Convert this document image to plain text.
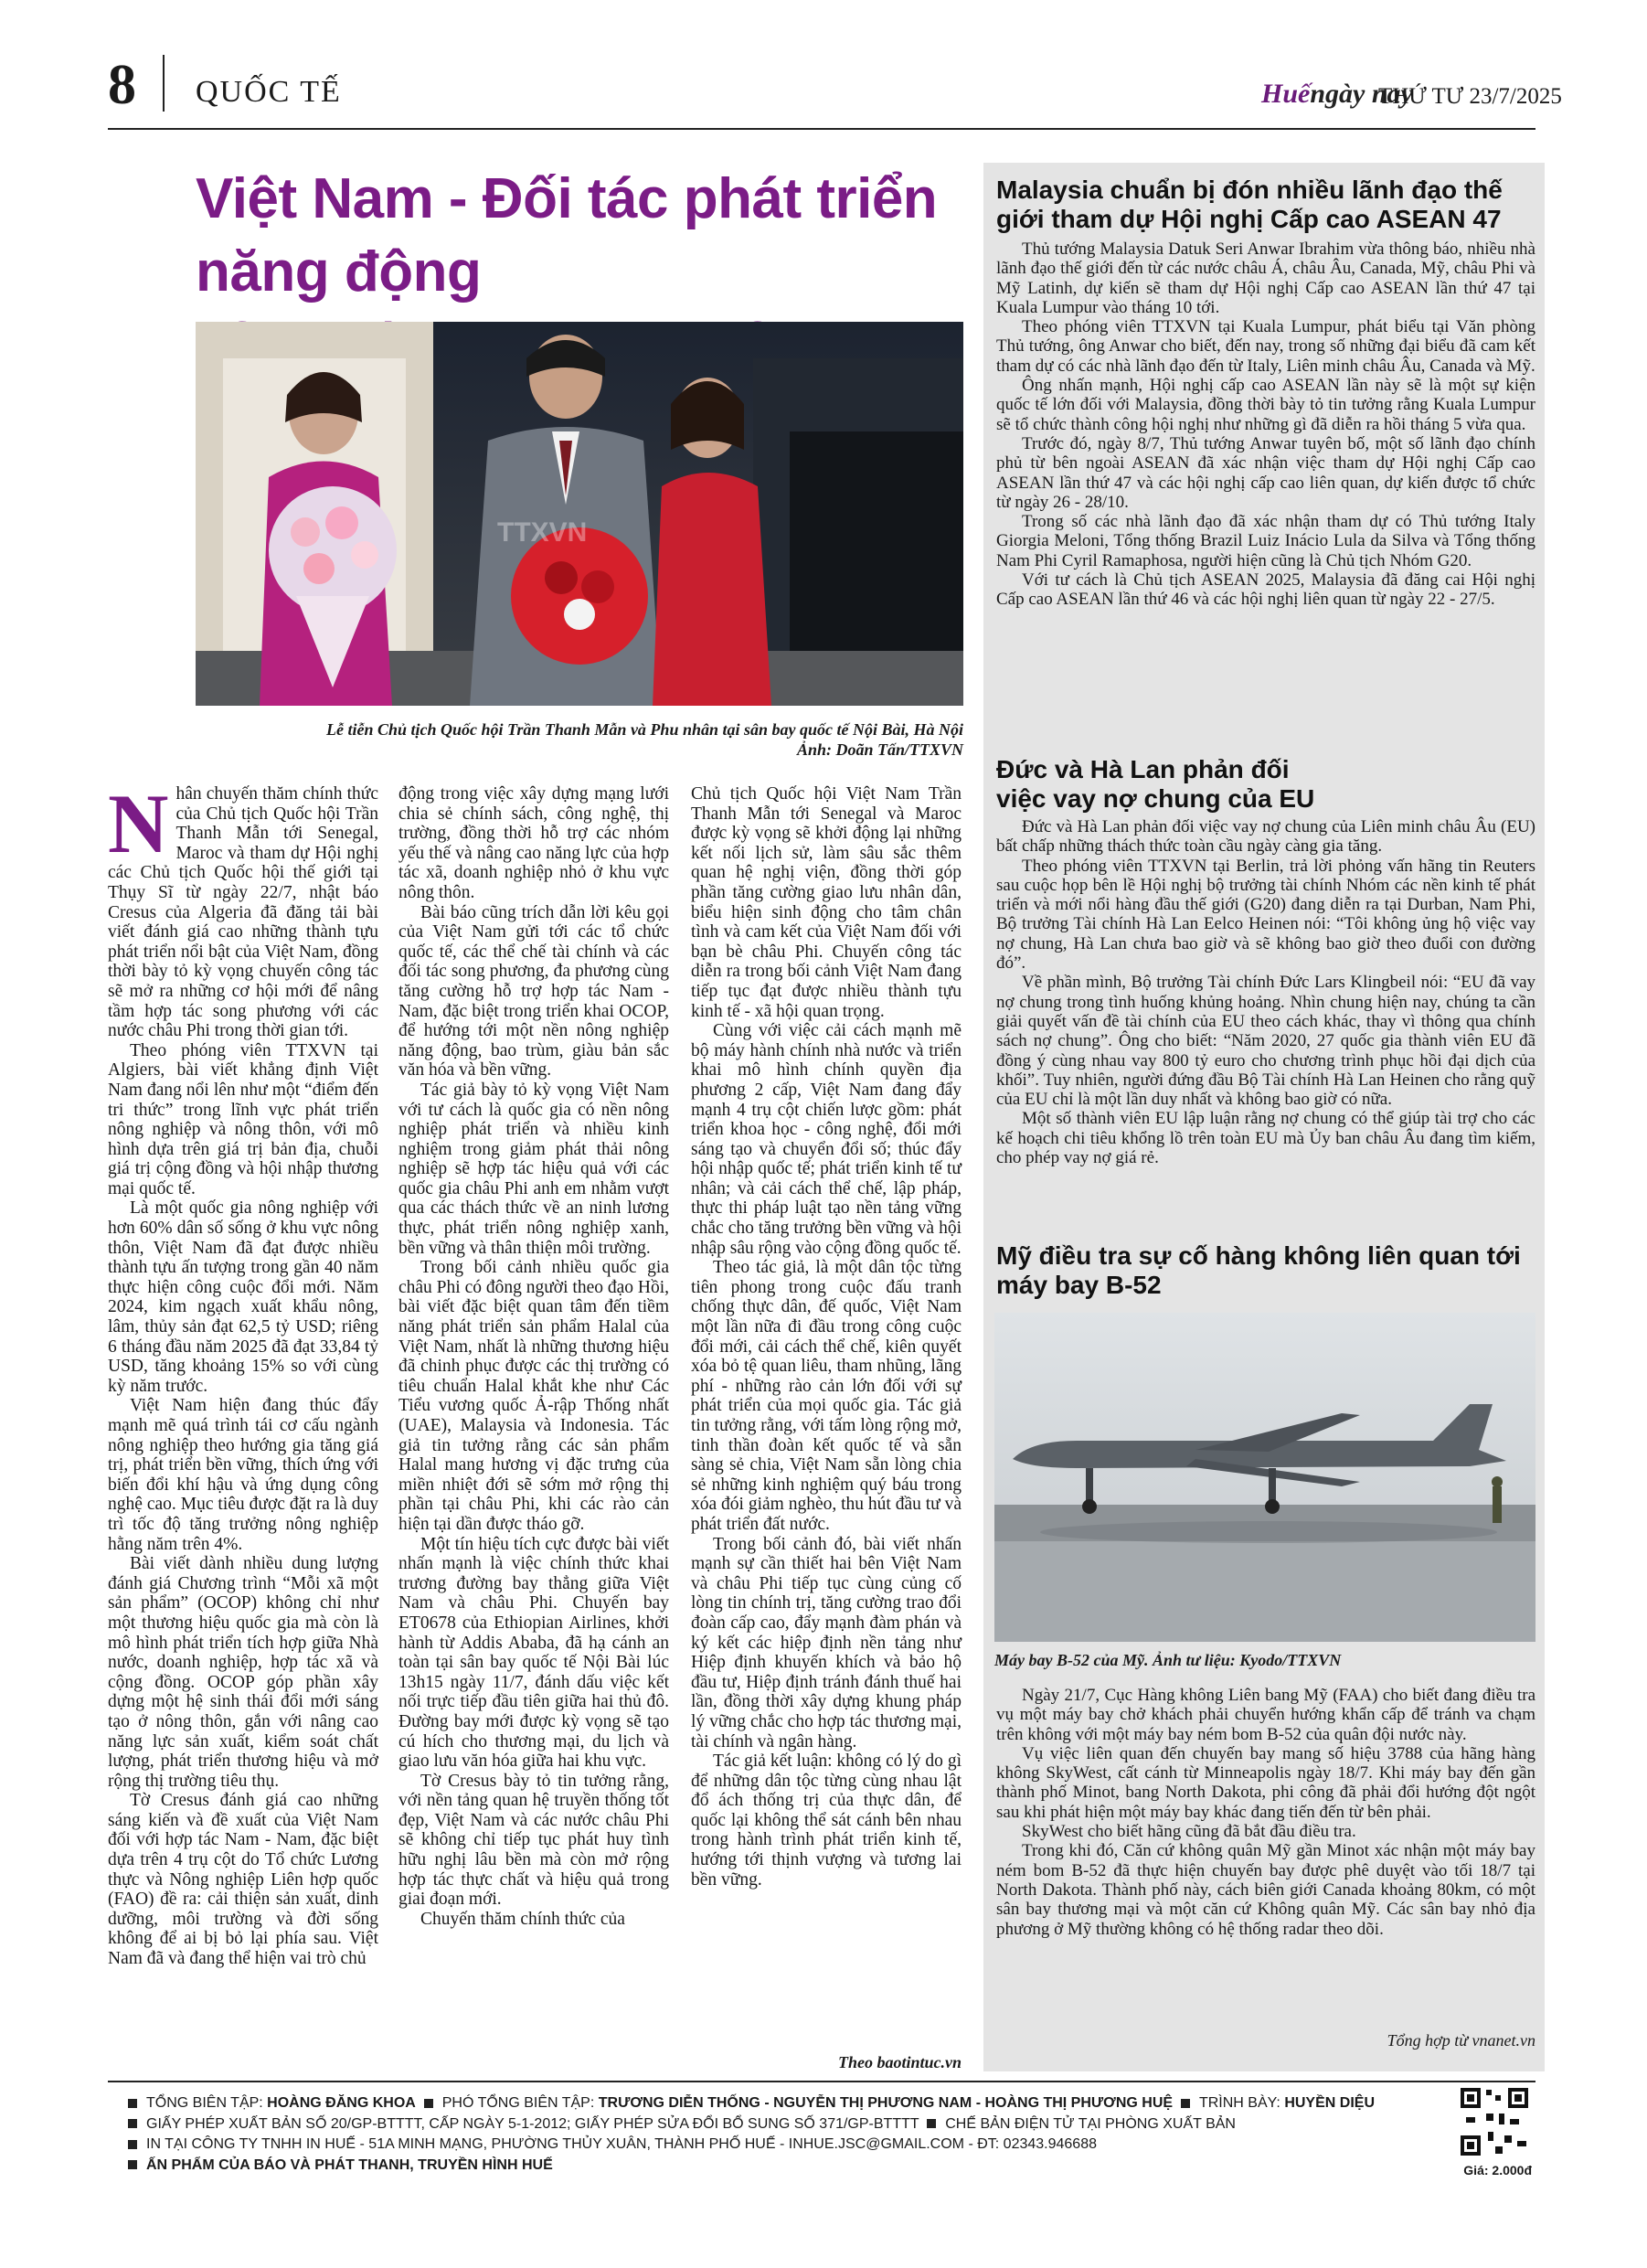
8 QUỐC TẾ	Huếngày nay
THỨ TƯ 23/7/2025
Việt Nam - Đối tác phát triển năng động
TTXVN
Lễ tiễn Chủ tịch Quốc hội Trần Thanh Mẫn và Phu nhân tại sân bay quốc tế Nội Bài, Hà Nội
Ảnh: Doãn Tấn/TTXVN

Nhân chuyến thăm chính thức của Chủ tịch Quốc hội Trần Thanh Mẫn tới Senegal, Maroc và tham dự Hội nghị các Chủ tịch Quốc hội thế giới tại Thụy Sĩ từ ngày 22/7, nhật báo Cresus của Algeria đã đăng tải bài viết đánh giá cao những thành tựu phát triển nổi bật của Việt Nam, đồng thời bày tỏ kỳ vọng chuyến công tác sẽ mở ra những cơ hội mới để nâng tầm hợp tác song phương với các nước châu Phi trong thời gian tới.

Theo phóng viên TTXVN tại Algiers, bài viết khẳng định Việt Nam đang nổi lên như một “điểm đến tri thức” trong lĩnh vực phát triển nông nghiệp và nông thôn, với mô hình dựa trên giá trị bản địa, chuỗi giá trị cộng đồng và hội nhập thương mại quốc tế.

Là một quốc gia nông nghiệp với hơn 60% dân số sống ở khu vực nông thôn, Việt Nam đã đạt được nhiều thành tựu ấn tượng trong gần 40 năm thực hiện công cuộc đổi mới. Năm 2024, kim ngạch xuất khẩu nông, lâm, thủy sản đạt 62,5 tỷ USD; riêng 6 tháng đầu năm 2025 đã đạt 33,84 tỷ USD, tăng khoảng 15% so với cùng kỳ năm trước.

Việt Nam hiện đang thúc đẩy mạnh mẽ quá trình tái cơ cấu ngành nông nghiệp theo hướng gia tăng giá trị, phát triển bền vững, thích ứng với biến đổi khí hậu và ứng dụng công nghệ cao. Mục tiêu được đặt ra là duy trì tốc độ tăng trưởng nông nghiệp hằng năm trên 4%.

Bài viết dành nhiều dung lượng đánh giá Chương trình “Mỗi xã một sản phẩm” (OCOP) không chỉ như một thương hiệu quốc gia mà còn là mô hình phát triển tích hợp giữa Nhà nước, doanh nghiệp, hợp tác xã và cộng đồng. OCOP góp phần xây dựng một hệ sinh thái đổi mới sáng tạo ở nông thôn, gắn với nâng cao năng lực sản xuất, kiểm soát chất lượng, phát triển thương hiệu và mở rộng thị trường tiêu thụ.

Tờ Cresus đánh giá cao những sáng kiến và đề xuất của Việt Nam đối với hợp tác Nam - Nam, đặc biệt dựa trên 4 trụ cột do Tổ chức Lương thực và Nông nghiệp Liên hợp quốc (FAO) đề ra: cải thiện sản xuất, dinh dưỡng, môi trường và đời sống không để ai bị bỏ lại phía sau. Việt Nam đã và đang thể hiện vai trò chủ

động trong việc xây dựng mạng lưới chia sẻ chính sách, công nghệ, thị trường, đồng thời hỗ trợ các nhóm yếu thế và nâng cao năng lực của hợp tác xã, doanh nghiệp nhỏ ở khu vực nông thôn.

Bài báo cũng trích dẫn lời kêu gọi của Việt Nam gửi tới các tổ chức quốc tế, các thể chế tài chính và các đối tác song phương, đa phương cùng tăng cường hỗ trợ hợp tác Nam - Nam, đặc biệt trong triển khai OCOP, để hướng tới một nền nông nghiệp năng động, bao trùm, giàu bản sắc văn hóa và bền vững.

Tác giả bày tỏ kỳ vọng Việt Nam với tư cách là quốc gia có nền nông nghiệp phát triển và nhiều kinh nghiệm trong giảm phát thải nông nghiệp sẽ hợp tác hiệu quả với các quốc gia châu Phi anh em nhằm vượt qua các thách thức về an ninh lương thực, phát triển nông nghiệp xanh, bền vững và thân thiện môi trường.

Trong bối cảnh nhiều quốc gia châu Phi có đông người theo đạo Hồi, bài viết đặc biệt quan tâm đến tiềm năng phát triển sản phẩm Halal của Việt Nam, nhất là những thương hiệu đã chinh phục được các thị trường có tiêu chuẩn Halal khắt khe như Các Tiểu vương quốc Ả-rập Thống nhất (UAE), Malaysia và Indonesia. Tác giả tin tưởng rằng các sản phẩm Halal mang hương vị đặc trưng của miền nhiệt đới sẽ sớm mở rộng thị phần tại châu Phi, khi các rào cản hiện tại dần được tháo gỡ.

Một tín hiệu tích cực được bài viết nhấn mạnh là việc chính thức khai trương đường bay thẳng giữa Việt Nam và châu Phi. Chuyến bay ET0678 của Ethiopian Airlines, khởi hành từ Addis Ababa, đã hạ cánh an toàn tại sân bay quốc tế Nội Bài lúc 13h15 ngày 11/7, đánh dấu việc kết nối trực tiếp đầu tiên giữa hai thủ đô. Đường bay mới được kỳ vọng sẽ tạo cú hích cho thương mại, du lịch và giao lưu văn hóa giữa hai khu vực.

Tờ Cresus bày tỏ tin tưởng rằng, với nền tảng quan hệ truyền thống tốt đẹp, Việt Nam và các nước châu Phi sẽ không chỉ tiếp tục phát huy tình hữu nghị lâu bền mà còn mở rộng hợp tác thực chất và hiệu quả trong giai đoạn mới.

Chuyến thăm chính thức của

Chủ tịch Quốc hội Việt Nam Trần Thanh Mẫn tới Senegal và Maroc được kỳ vọng sẽ khởi động lại những kết nối lịch sử, làm sâu sắc thêm quan hệ nghị viện, đồng thời góp phần tăng cường giao lưu nhân dân, biểu hiện sinh động cho tâm chân tình và cam kết của Việt Nam đối với bạn bè châu Phi. Chuyến công tác diễn ra trong bối cảnh Việt Nam đang tiếp tục đạt được nhiều thành tựu kinh tế - xã hội quan trọng.

Cùng với việc cải cách mạnh mẽ bộ máy hành chính nhà nước và triển khai mô hình chính quyền địa phương 2 cấp, Việt Nam đang đẩy mạnh 4 trụ cột chiến lược gồm: phát triển khoa học - công nghệ, đổi mới sáng tạo và chuyển đổi số; thúc đẩy hội nhập quốc tế; phát triển kinh tế tư nhân; và cải cách thể chế, lập pháp, thực thi pháp luật tạo nền tảng vững chắc cho tăng trưởng bền vững và hội nhập sâu rộng vào cộng đồng quốc tế.

Theo tác giả, là một dân tộc từng tiên phong trong cuộc đấu tranh chống thực dân, đế quốc, Việt Nam một lần nữa đi đầu trong công cuộc đổi mới, cải cách thể chế, kiên quyết xóa bỏ tệ quan liêu, tham nhũng, lãng phí - những rào cản lớn đối với sự phát triển của mọi quốc gia. Tác giả tin tưởng rằng, với tấm lòng rộng mở, tinh thần đoàn kết quốc tế và sẵn sàng sẻ chia, Việt Nam sẵn lòng chia sẻ những kinh nghiệm quý báu trong xóa đói giảm nghèo, thu hút đầu tư và phát triển đất nước.

Trong bối cảnh đó, bài viết nhấn mạnh sự cần thiết hai bên Việt Nam và châu Phi tiếp tục cùng củng cố lòng tin chính trị, tăng cường trao đổi đoàn cấp cao, đẩy mạnh đàm phán và ký kết các hiệp định nền tảng như Hiệp định khuyến khích và bảo hộ đầu tư, Hiệp định tránh đánh thuế hai lần, đồng thời xây dựng khung pháp lý vững chắc cho hợp tác thương mại, tài chính và ngân hàng.

Tác giả kết luận: không có lý do gì để những dân tộc từng cùng nhau lật đổ ách thống trị của thực dân, để quốc lại không thể sát cánh bên nhau trong hành trình phát triển kinh tế, hướng tới thịnh vượng và tương lai bền vững.

Theo baotintuc.vn
Malaysia chuẩn bị đón nhiều lãnh đạo thế giới tham dự Hội nghị Cấp cao ASEAN 47

Thủ tướng Malaysia Datuk Seri Anwar Ibrahim vừa thông báo, nhiều nhà lãnh đạo thế giới đến từ các nước châu Á, châu Âu, Canada, Mỹ, châu Phi và Mỹ Latinh, dự kiến sẽ tham dự Hội nghị Cấp cao ASEAN lần thứ 47 tại Kuala Lumpur vào tháng 10 tới.

Theo phóng viên TTXVN tại Kuala Lumpur, phát biểu tại Văn phòng Thủ tướng, ông Anwar cho biết, đến nay, trong số những đại biểu đã cam kết tham dự có các nhà lãnh đạo đến từ Italy, Liên minh châu Âu, Canada và Mỹ.

Ông nhấn mạnh, Hội nghị cấp cao ASEAN lần này sẽ là một sự kiện quốc tế lớn đối với Malaysia, đồng thời bày tỏ tin tưởng rằng Kuala Lumpur sẽ tổ chức thành công hội nghị như những gì đã diễn ra hồi tháng 5 vừa qua.

Trước đó, ngày 8/7, Thủ tướng Anwar tuyên bố, một số lãnh đạo chính phủ từ bên ngoài ASEAN đã xác nhận việc tham dự Hội nghị Cấp cao ASEAN lần thứ 47 và các hội nghị cấp cao liên quan, dự kiến được tổ chức từ ngày 26 - 28/10.

Trong số các nhà lãnh đạo đã xác nhận tham dự có Thủ tướng Italy Giorgia Meloni, Tổng thống Brazil Luiz Inácio Lula da Silva và Tổng thống Nam Phi Cyril Ramaphosa, người hiện cũng là Chủ tịch Nhóm G20.

Với tư cách là Chủ tịch ASEAN 2025, Malaysia đã đăng cai Hội nghị Cấp cao ASEAN lần thứ 46 và các hội nghị liên quan từ ngày 22 - 27/5.

Đức và Hà Lan phản đối việc vay nợ chung của EU

Đức và Hà Lan phản đối việc vay nợ chung của Liên minh châu Âu (EU) bất chấp những thách thức toàn cầu ngày càng gia tăng.

Theo phóng viên TTXVN tại Berlin, trả lời phỏng vấn hãng tin Reuters sau cuộc họp bên lề Hội nghị bộ trưởng tài chính Nhóm các nền kinh tế phát triển và mới nổi hàng đầu thế giới (G20) đang diễn ra tại Durban, Nam Phi, Bộ trưởng Tài chính Hà Lan Eelco Heinen nói: “Tôi không ủng hộ việc vay nợ chung, Hà Lan chưa bao giờ và sẽ không bao giờ theo đuổi con đường đó”.

Về phần mình, Bộ trưởng Tài chính Đức Lars Klingbeil nói: “EU đã vay nợ chung trong tình huống khủng hoảng. Nhìn chung hiện nay, chúng ta cần giải quyết vấn đề tài chính của EU theo cách khác, thay vì thông qua chính sách nợ chung”. Ông cho biết: “Năm 2020, 27 quốc gia thành viên EU đã đồng ý cùng nhau vay 800 tỷ euro cho chương trình phục hồi đại dịch của khối”. Tuy nhiên, người đứng đầu Bộ Tài chính Hà Lan Heinen cho rằng quỹ của EU chỉ là một lần duy nhất và không bao giờ có nữa.

Một số thành viên EU lập luận rằng nợ chung có thể giúp tài trợ cho các kế hoạch chi tiêu khổng lồ trên toàn EU mà Ủy ban châu Âu đang tìm kiếm, cho phép vay nợ giá rẻ.

Mỹ điều tra sự cố hàng không liên quan tới máy bay B-52
Máy bay B-52 của Mỹ. Ảnh tư liệu: Kyodo/TTXVN

Ngày 21/7, Cục Hàng không Liên bang Mỹ (FAA) cho biết đang điều tra vụ một máy bay chở khách phải chuyển hướng khẩn cấp để tránh va chạm trên không với một máy bay ném bom B-52 của quân đội nước này.

Vụ việc liên quan đến chuyến bay mang số hiệu 3788 của hãng hàng không SkyWest, cất cánh từ Minneapolis ngày 18/7. Khi máy bay đến gần thành phố Minot, bang North Dakota, phi công đã phải đổi hướng đột ngột sau khi phát hiện một máy bay khác đang tiến đến từ bên phải.

SkyWest cho biết hãng cũng đã bắt đầu điều tra.

Trong khi đó, Căn cứ không quân Mỹ gần Minot xác nhận một máy bay ném bom B-52 đã thực hiện chuyến bay được phê duyệt vào tối 18/7 tại North Dakota. Thành phố này, cách biên giới Canada khoảng 80km, có một sân bay thương mại và một căn cứ Không quân Mỹ. Các sân bay nhỏ địa phương ở Mỹ thường không có hệ thống radar theo dõi.

Tổng hợp từ vnanet.vn
TỔNG BIÊN TẬP: HOÀNG ĐĂNG KHOA PHÓ TỔNG BIÊN TẬP: TRƯƠNG DIỄN THỐNG - NGUYỄN THỊ PHƯƠNG NAM - HOÀNG THỊ PHƯƠNG HUỆ TRÌNH BÀY: HUYỀN DIỆU
GIẤY PHÉP XUẤT BẢN SỐ 20/GP-BTTTT, CẤP NGÀY 5-1-2012; GIẤY PHÉP SỬA ĐỔI BỔ SUNG SỐ 371/GP-BTTTT CHẾ BẢN ĐIỆN TỬ TẠI PHÒNG XUẤT BẢN
IN TẠI CÔNG TY TNHH IN HUẾ - 51A MINH MẠNG, PHƯỜNG THỦY XUÂN, THÀNH PHỐ HUẾ - INHUE.JSC@GMAIL.COM - ĐT: 02343.946688
ẤN PHẨM CỦA BÁO VÀ PHÁT THANH, TRUYỀN HÌNH HUẾ	Giá: 2.000đ
